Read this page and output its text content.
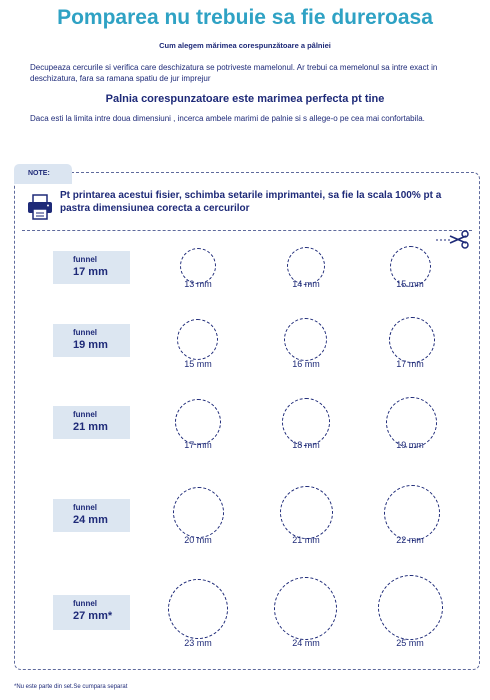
Pomparea nu trebuie sa fie dureroasa
Cum alegem mărimea corespunzătoare a pâlniei
Decupeaza cercurile si verifica care deschizatura se potriveste mamelonul. Ar trebui ca memelonul sa intre exact in deschizatura, fara sa ramana spatiu de jur imprejur
Palnia corespunzatoare este marimea perfecta pt tine
Daca esti la limita intre doua dimensiuni , incerca ambele marimi de palnie si s allege-o pe cea mai confortabila.
NOTE:
Pt printarea acestui fisier, schimba setarile imprimantei, sa fie la scala 100% pt a pastra dimensiunea corecta a cercurilor
funnel
17 mm
13 mm	14 mm	15 mm
funnel
19 mm
15 mm	16 mm	17 mm
funnel
21 mm
17 mm	18 mm	19 mm
funnel
24 mm
20 mm	21 mm	22 mm
funnel
27 mm*
23 mm	24 mm	25 mm
*Nu este parte din set.Se cumpara separat
